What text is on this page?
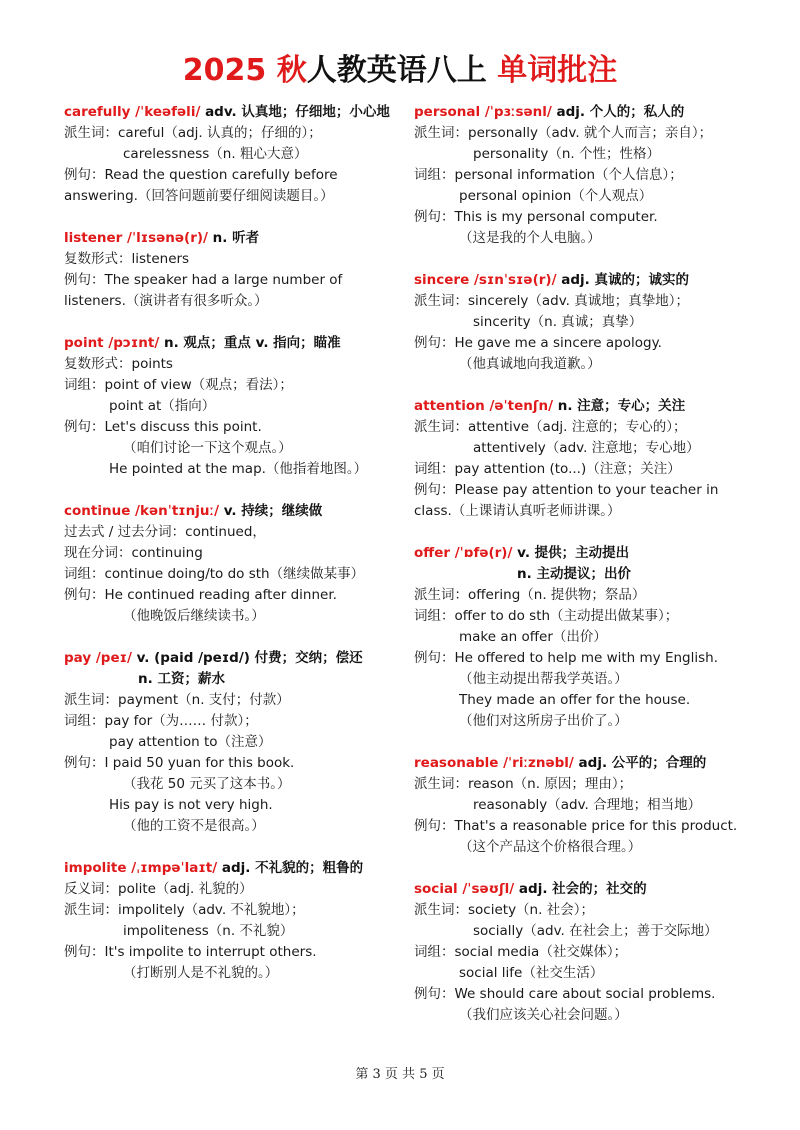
2025 秋人教英语八上 单词批注
carefully /ˈkeəfəli/ adv. 认真地；仔细地；小心地
派生词：careful（adj. 认真的；仔细的）；
carelessness（n. 粗心大意）
例句：Read the question carefully before
answering.（回答问题前要仔细阅读题目。）
listener /ˈlɪsənə(r)/ n. 听者
复数形式：listeners
例句：The speaker had a large number of
listeners.（演讲者有很多听众。）
point /pɔɪnt/ n. 观点；重点 v. 指向；瞄准
复数形式：points
词组：point of view（观点；看法）；
point at（指向）
例句：Let's discuss this point.
（咱们讨论一下这个观点。）
He pointed at the map.（他指着地图。）
continue /kənˈtɪnjuː/ v. 持续；继续做
过去式 / 过去分词：continued，
现在分词：continuing
词组：continue doing/to do sth（继续做某事）
例句：He continued reading after dinner.
（他晚饭后继续读书。）
pay /peɪ/ v. (paid /peɪd/) 付费；交纳；偿还
n. 工资；薪水
派生词：payment（n. 支付；付款）
词组：pay for（为…… 付款）；
pay attention to（注意）
例句：I paid 50 yuan for this book.
（我花 50 元买了这本书。）
His pay is not very high.
（他的工资不是很高。）
impolite /ˌɪmpəˈlaɪt/ adj. 不礼貌的；粗鲁的
反义词：polite（adj. 礼貌的）
派生词：impolitely（adv. 不礼貌地）；
impoliteness（n. 不礼貌）
例句：It's impolite to interrupt others.
（打断别人是不礼貌的。）
personal /ˈpɜːsənl/ adj. 个人的；私人的
派生词：personally（adv. 就个人而言；亲自）；
personality（n. 个性；性格）
词组：personal information（个人信息）；
personal opinion（个人观点）
例句：This is my personal computer.
（这是我的个人电脑。）
sincere /sɪnˈsɪə(r)/ adj. 真诚的；诚实的
派生词：sincerely（adv. 真诚地；真挚地）；
sincerity（n. 真诚；真挚）
例句：He gave me a sincere apology.
（他真诚地向我道歉。）
attention /əˈtenʃn/ n. 注意；专心；关注
派生词：attentive（adj. 注意的；专心的）；
attentively（adv. 注意地；专心地）
词组：pay attention (to...)（注意；关注）
例句：Please pay attention to your teacher in
class.（上课请认真听老师讲课。）
offer /ˈɒfə(r)/ v. 提供；主动提出
n. 主动提议；出价
派生词：offering（n. 提供物；祭品）
词组：offer to do sth（主动提出做某事）；
make an offer（出价）
例句：He offered to help me with my English.
（他主动提出帮我学英语。）
They made an offer for the house.
（他们对这所房子出价了。）
reasonable /ˈriːznəbl/ adj. 公平的；合理的
派生词：reason（n. 原因；理由）；
reasonably（adv. 合理地；相当地）
例句：That's a reasonable price for this product.
（这个产品这个价格很合理。）
social /ˈsəʊʃl/ adj. 社会的；社交的
派生词：society（n. 社会）；
socially（adv. 在社会上；善于交际地）
词组：social media（社交媒体）；
social life（社交生活）
例句：We should care about social problems.
（我们应该关心社会问题。）
第 3 页 共 5 页
